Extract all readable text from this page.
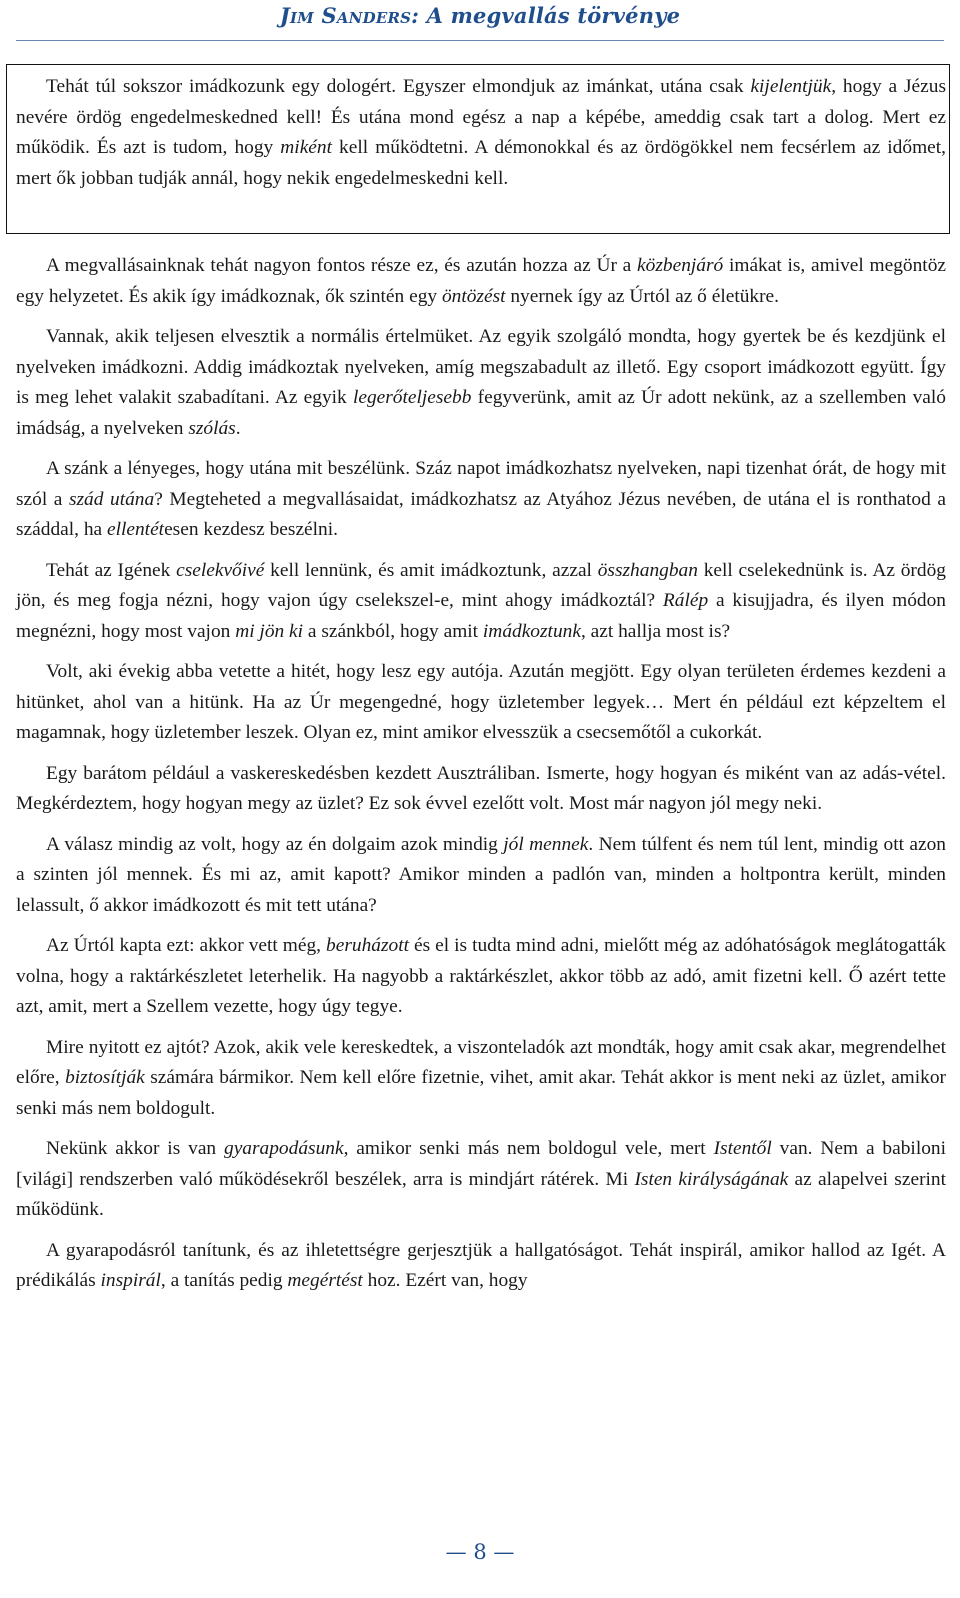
Jim Sanders: A megvallás törvénye

Tehát túl sokszor imádkozunk egy dologért. Egyszer elmondjuk az imánkat, utána csak kijelentjük, hogy a Jézus nevére ördög engedelmeskedned kell! És utána mond egész a nap a képébe, ameddig csak tart a dolog. Mert ez működik. És azt is tudom, hogy miként kell működtetni. A démonokkal és az ördögökkel nem fecsérlem az időmet, mert ők jobban tudják annál, hogy nekik engedelmeskedni kell.

A megvallásainknak tehát nagyon fontos része ez, és azután hozza az Úr a közbenjáró imákat is, amivel megöntöz egy helyzetet. És akik így imádkoznak, ők szintén egy öntözést nyernek így az Úrtól az ő életükre.

Vannak, akik teljesen elvesztik a normális értelmüket. Az egyik szolgáló mondta, hogy gyertek be és kezdjünk el nyelveken imádkozni. Addig imádkoztak nyelveken, amíg megszabadult az illető. Egy csoport imádkozott együtt. Így is meg lehet valakit szabadítani. Az egyik legerőteljesebb fegyverünk, amit az Úr adott nekünk, az a szellemben való imádság, a nyelveken szólás.

A szánk a lényeges, hogy utána mit beszélünk. Száz napot imádkozhatsz nyelveken, napi tizenhat órát, de hogy mit szól a szád utána? Megteheted a megvallásaidat, imádkozhatsz az Atyához Jézus nevében, de utána el is ronthatod a száddal, ha ellentétesen kezdesz beszélni.

Tehát az Igének cselekvőivé kell lennünk, és amit imádkoztunk, azzal összhangban kell cselekednünk is. Az ördög jön, és meg fogja nézni, hogy vajon úgy cselekszel-e, mint ahogy imádkoztál? Rálép a kisujjadra, és ilyen módon megnézni, hogy most vajon mi jön ki a szánkból, hogy amit imádkoztunk, azt hallja most is?

Volt, aki évekig abba vetette a hitét, hogy lesz egy autója. Azután megjött. Egy olyan területen érdemes kezdeni a hitünket, ahol van a hitünk. Ha az Úr megengedné, hogy üzletember legyek… Mert én például ezt képzeltem el magamnak, hogy üzletember leszek. Olyan ez, mint amikor elvesszük a csecsemőtől a cukorkát.

Egy barátom például a vaskereskedésben kezdett Ausztráliban. Ismerte, hogy hogyan és miként van az adás-vétel. Megkérdeztem, hogy hogyan megy az üzlet? Ez sok évvel ezelőtt volt. Most már nagyon jól megy neki.

A válasz mindig az volt, hogy az én dolgaim azok mindig jól mennek. Nem túlfent és nem túl lent, mindig ott azon a szinten jól mennek. És mi az, amit kapott? Amikor minden a padlón van, minden a holtpontra került, minden lelassult, ő akkor imádkozott és mit tett utána?

Az Úrtól kapta ezt: akkor vett még, beruházott és el is tudta mind adni, mielőtt még az adóhatóságok meglátogatták volna, hogy a raktárkészletet leterhelik. Ha nagyobb a raktárkészlet, akkor több az adó, amit fizetni kell. Ő azért tette azt, amit, mert a Szellem vezette, hogy úgy tegye.

Mire nyitott ez ajtót? Azok, akik vele kereskedtek, a viszonteladók azt mondták, hogy amit csak akar, megrendelhet előre, biztosítják számára bármikor. Nem kell előre fizetnie, vihet, amit akar. Tehát akkor is ment neki az üzlet, amikor senki más nem boldogult.

Nekünk akkor is van gyarapodásunk, amikor senki más nem boldogul vele, mert Istentől van. Nem a babiloni [világi] rendszerben való működésekről beszélek, arra is mindjárt rátérek. Mi Isten királyságának az alapelvei szerint működünk.

A gyarapodásról tanítunk, és az ihletettségre gerjesztjük a hallgatóságot. Tehát inspirál, amikor hallod az Igét. A prédikálás inspirál, a tanítás pedig megértést hoz. Ezért van, hogy

— 8 —
